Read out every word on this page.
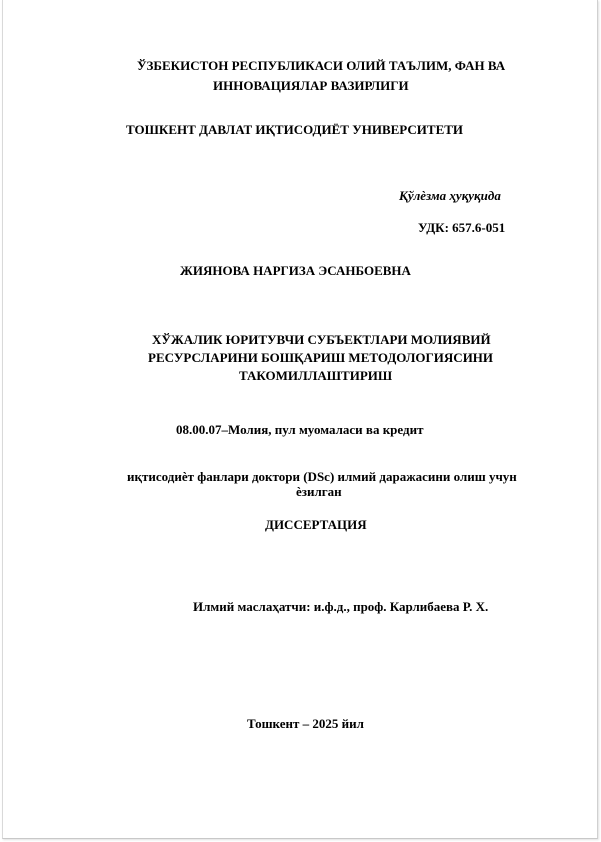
ЎЗБЕКИСТОН РЕСПУБЛИКАСИ ОЛИЙ ТАЪЛИМ, ФАН ВА
ИННОВАЦИЯЛАР ВАЗИРЛИГИ
ТОШКЕНТ ДАВЛАТ ИҚТИСОДИЁТ УНИВЕРСИТЕТИ
Қўлѐзма ҳуқуқида
УДК: 657.6-051
ЖИЯНОВА НАРГИЗА ЭСАНБОЕВНА
ХЎЖАЛИК ЮРИТУВЧИ СУБЪЕКТЛАРИ МОЛИЯВИЙ
РЕСУРСЛАРИНИ БОШҚАРИШ МЕТОДОЛОГИЯСИНИ
ТАКОМИЛЛАШТИРИШ
08.00.07–Молия, пул муомаласи ва кредит
иқтисодиѐт фанлари доктори (DSc) илмий даражасини олиш учун
ѐзилган
ДИССЕРТАЦИЯ
Илмий маслаҳатчи: и.ф.д., проф. Карлибаева Р. Х.
Тошкент – 2025 йил
